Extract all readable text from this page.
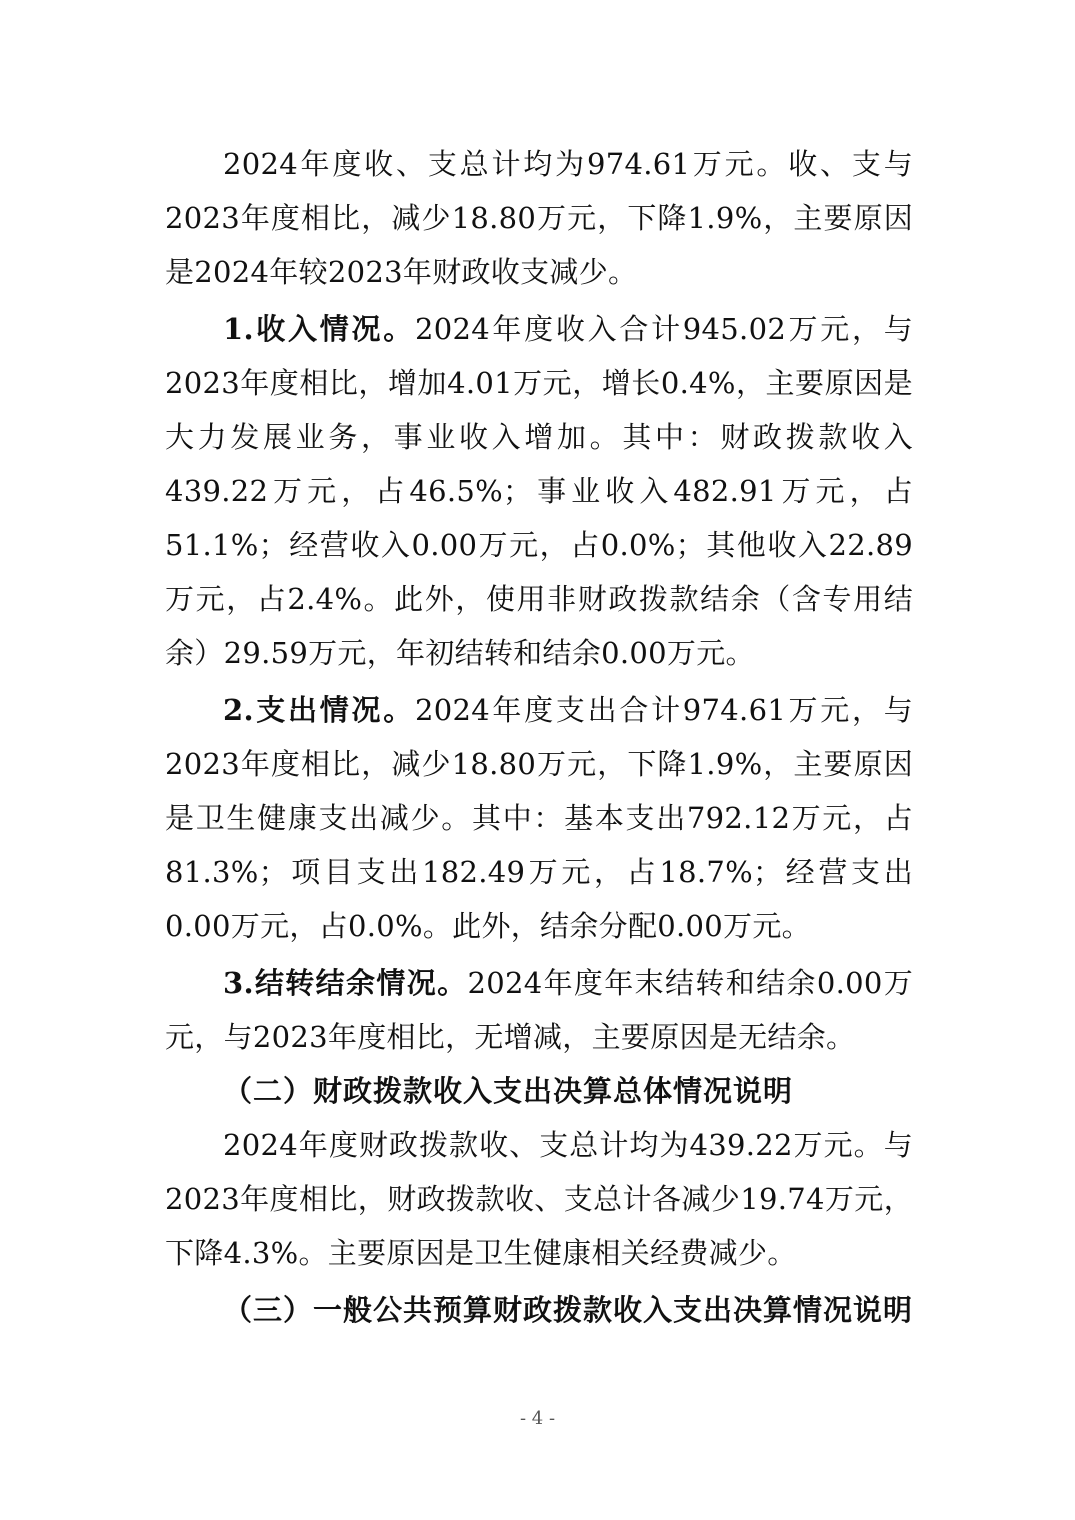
2024年度收、支总计均为974.61万元。收、支与2023年度相比，减少18.80万元，下降1.9%，主要原因是2024年较2023年财政收支减少。

1.收入情况。2024年度收入合计945.02万元，与2023年度相比，增加4.01万元，增长0.4%，主要原因是大力发展业务，事业收入增加。其中：财政拨款收入439.22万元，占46.5%；事业收入482.91万元，占51.1%；经营收入0.00万元，占0.0%；其他收入22.89万元，占2.4%。此外，使用非财政拨款结余（含专用结余）29.59万元，年初结转和结余0.00万元。

2.支出情况。2024年度支出合计974.61万元，与2023年度相比，减少18.80万元，下降1.9%，主要原因是卫生健康支出减少。其中：基本支出792.12万元，占81.3%；项目支出182.49万元，占18.7%；经营支出0.00万元，占0.0%。此外，结余分配0.00万元。

3.结转结余情况。2024年度年末结转和结余0.00万元，与2023年度相比，无增减，主要原因是无结余。

（二）财政拨款收入支出决算总体情况说明

2024年度财政拨款收、支总计均为439.22万元。与2023年度相比，财政拨款收、支总计各减少19.74万元，下降4.3%。主要原因是卫生健康相关经费减少。

（三）一般公共预算财政拨款收入支出决算情况说明

- 4 -
